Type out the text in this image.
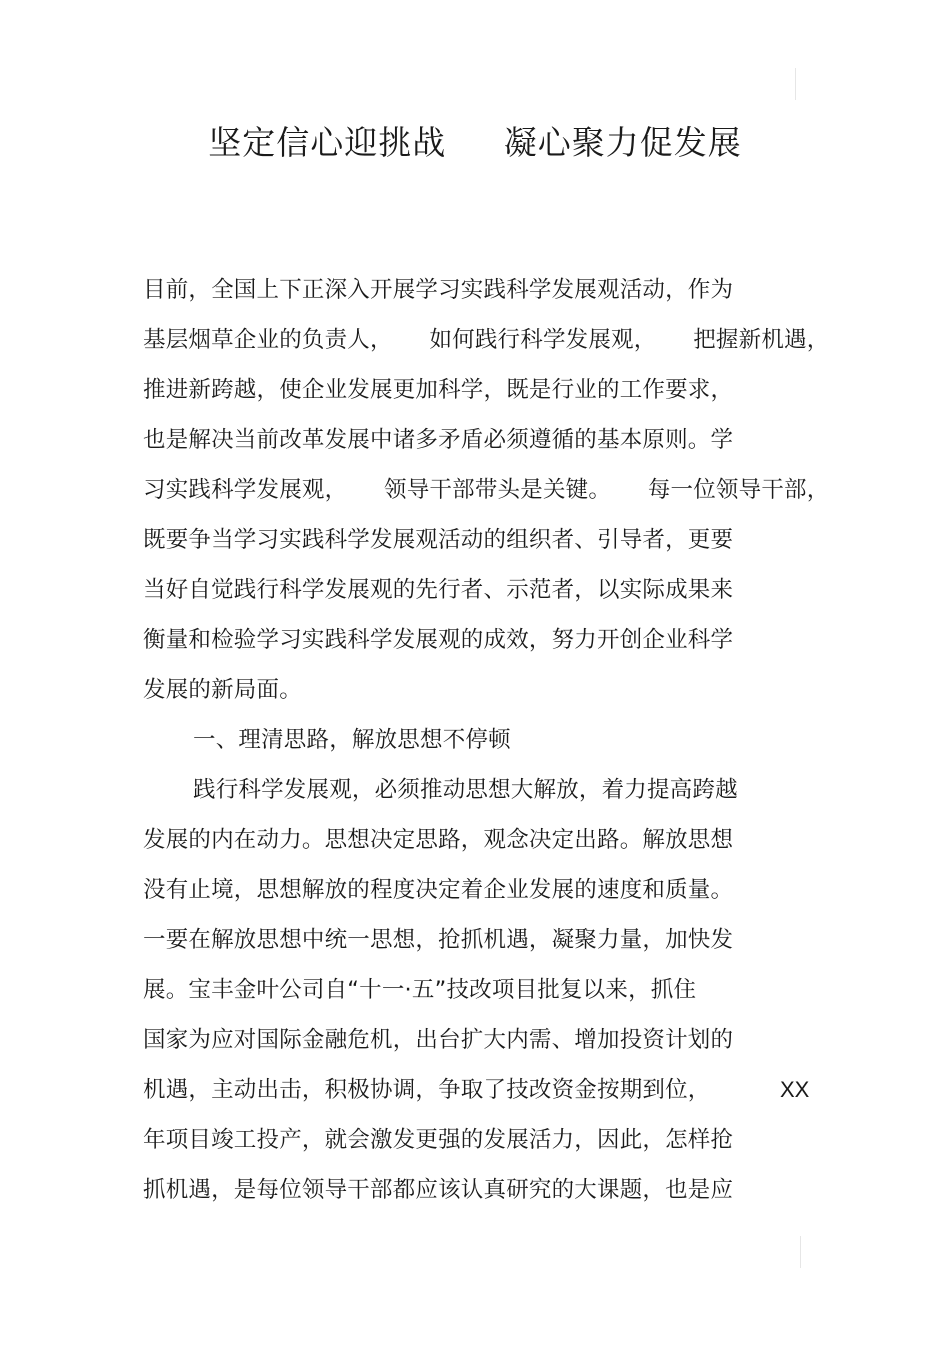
坚定信心迎挑战     凝心聚力促发展
目前，全国上下正深入开展学习实践科学发展观活动，作为
基层烟草企业的负责人，     如何践行科学发展观，     把握新机遇，
推进新跨越，使企业发展更加科学，既是行业的工作要求，
也是解决当前改革发展中诸多矛盾必须遵循的基本原则。学
习实践科学发展观，     领导干部带头是关键。     每一位领导干部，
既要争当学习实践科学发展观活动的组织者、引导者，更要
当好自觉践行科学发展观的先行者、示范者，以实际成果来
衡量和检验学习实践科学发展观的成效，努力开创企业科学
发展的新局面。
一、理清思路，解放思想不停顿
践行科学发展观，必须推动思想大解放，着力提高跨越
发展的内在动力。思想决定思路，观念决定出路。解放思想
没有止境，思想解放的程度决定着企业发展的速度和质量。
一要在解放思想中统一思想，抢抓机遇，凝聚力量，加快发
展。宝丰金叶公司自“十一·五”技改项目批复以来，抓住
国家为应对国际金融危机，出台扩大内需、增加投资计划的
机遇，主动出击，积极协调，争取了技改资金按期到位，	XX
年项目竣工投产，就会激发更强的发展活力，因此，怎样抢
抓机遇，是每位领导干部都应该认真研究的大课题，也是应
